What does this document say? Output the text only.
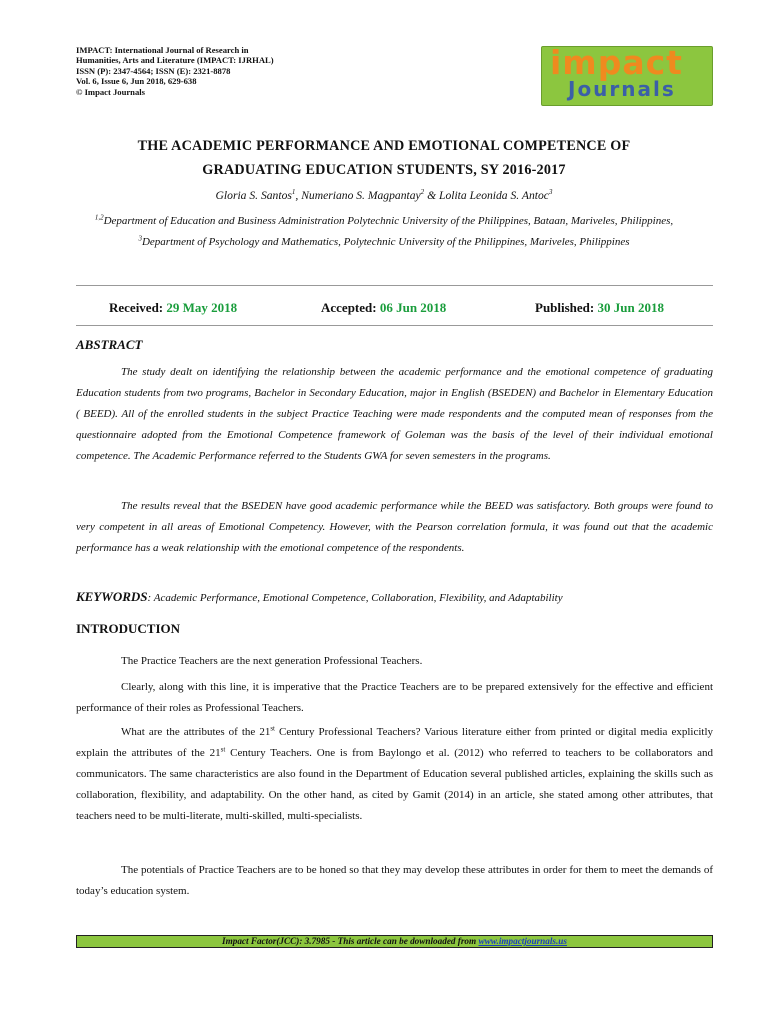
IMPACT: International Journal of Research in
Humanities, Arts and Literature (IMPACT: IJRHAL)
ISSN (P): 2347-4564; ISSN (E): 2321-8878
Vol. 6, Issue 6, Jun 2018, 629-638
© Impact Journals
impact
Journals
THE ACADEMIC PERFORMANCE AND EMOTIONAL COMPETENCE OF
GRADUATING EDUCATION STUDENTS, SY 2016-2017
Gloria S. Santos$^1$, Numeriano S. Magpantay$^2$ & Lolita Leonida S. Antoc$^3$
$^{1,2}$Department of Education and Business Administration Polytechnic University of the Philippines, Bataan, Mariveles, Philippines,
$^3$Department of Psychology and Mathematics, Polytechnic University of the Philippines, Mariveles, Philippines
Received: 29 May 2018	Accepted: 06 Jun 2018	Published: 30 Jun 2018
ABSTRACT
The study dealt on identifying the relationship between the academic performance and the emotional competence of graduating Education students from two programs, Bachelor in Secondary Education, major in English (BSEDEN) and Bachelor in Elementary Education ( BEED). All of the enrolled students in the subject Practice Teaching were made respondents and the computed mean of responses from the questionnaire adopted from the Emotional Competence framework of Goleman was the basis of the level of their individual emotional competence. The Academic Performance referred to the Students GWA for seven semesters in the programs.
The results reveal that the BSEDEN have good academic performance while the BEED was satisfactory. Both groups were found to very competent in all areas of Emotional Competency. However, with the Pearson correlation formula, it was found out that the academic performance has a weak relationship with the emotional competence of the respondents.
KEYWORDS: Academic Performance, Emotional Competence, Collaboration, Flexibility, and Adaptability
INTRODUCTION
The Practice Teachers are the next generation Professional Teachers.
Clearly, along with this line, it is imperative that the Practice Teachers are to be prepared extensively for the effective and efficient performance of their roles as Professional Teachers.
What are the attributes of the 21st Century Professional Teachers? Various literature either from printed or digital media explicitly explain the attributes of the 21st Century Teachers. One is from Baylongo et al. (2012) who referred to teachers to be collaborators and communicators. The same characteristics are also found in the Department of Education several published articles, explaining the skills such as collaboration, flexibility, and adaptability. On the other hand, as cited by Gamit (2014) in an article, she stated among other attributes, that teachers need to be multi-literate, multi-skilled, multi-specialists.
The potentials of Practice Teachers are to be honed so that they may develop these attributes in order for them to meet the demands of today’s education system.
Impact Factor(JCC): 3.7985 - This article can be downloaded from www.impactjournals.us
